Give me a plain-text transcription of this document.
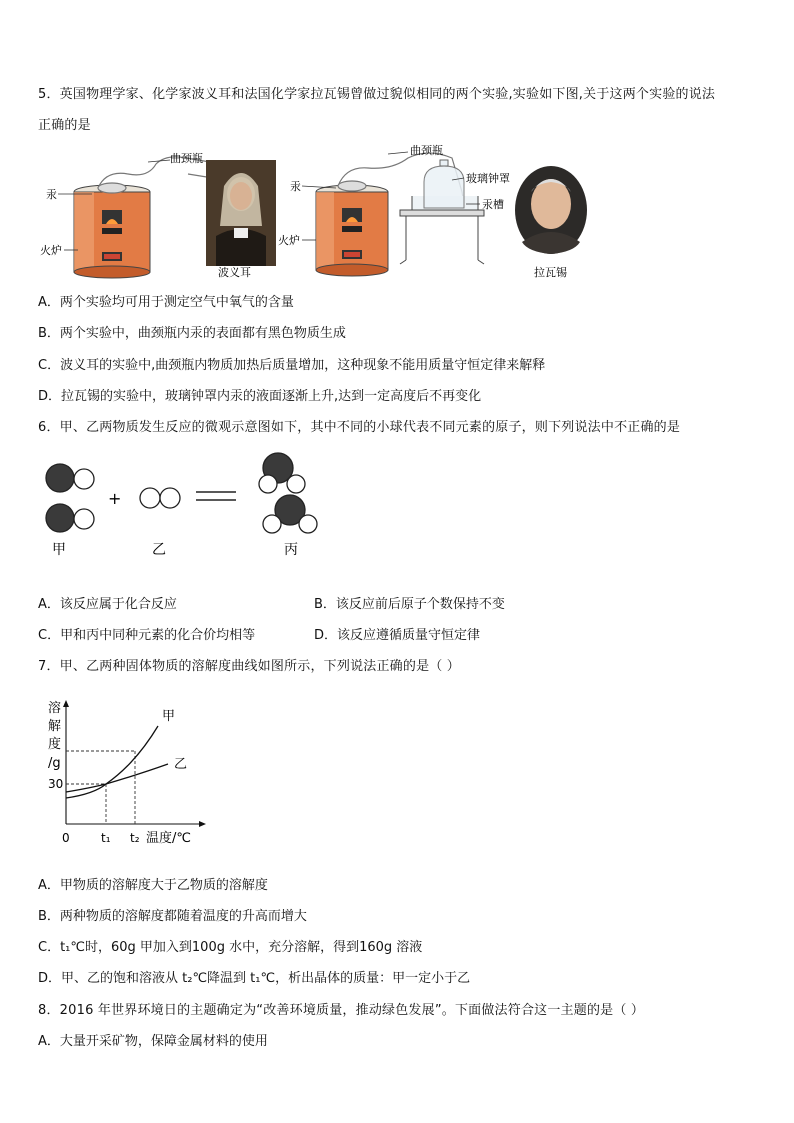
5．英国物理学家、化学家波义耳和法国化学家拉瓦锡曾做过貌似相同的两个实验,实验如下图,关于这两个实验的说法
正确的是
汞
火炉
曲颈瓶
波义耳
汞
火炉
曲颈瓶
玻璃钟罩
汞槽
拉瓦锡
A．两个实验均可用于测定空气中氧气的含量
B．两个实验中，曲颈瓶内汞的表面都有黑色物质生成
C．波义耳的实验中,曲颈瓶内物质加热后质量增加，这种现象不能用质量守恒定律来解释
D．拉瓦锡的实验中，玻璃钟罩内汞的液面逐渐上升,达到一定高度后不再变化
6．甲、乙两物质发生反应的微观示意图如下，其中不同的小球代表不同元素的原子，则下列说法中不正确的是
+
甲	乙	丙
A．该反应属于化合反应	B．该反应前后原子个数保持不变
C．甲和丙中同种元素的化合价均相等	D．该反应遵循质量守恒定律
7．甲、乙两种固体物质的溶解度曲线如图所示，下列说法正确的是（ ）
溶
解
度
/g
30
0	t₁ t₂ 温度/℃
甲
乙
A．甲物质的溶解度大于乙物质的溶解度
B．两种物质的溶解度都随着温度的升高而增大
C．t₁℃时，60g 甲加入到100g 水中，充分溶解，得到160g 溶液
D．甲、乙的饱和溶液从 t₂℃降温到 t₁℃，析出晶体的质量：甲一定小于乙
8．2016 年世界环境日的主题确定为“改善环境质量，推动绿色发展”。下面做法符合这一主题的是（ ）
A．大量开采矿物，保障金属材料的使用
